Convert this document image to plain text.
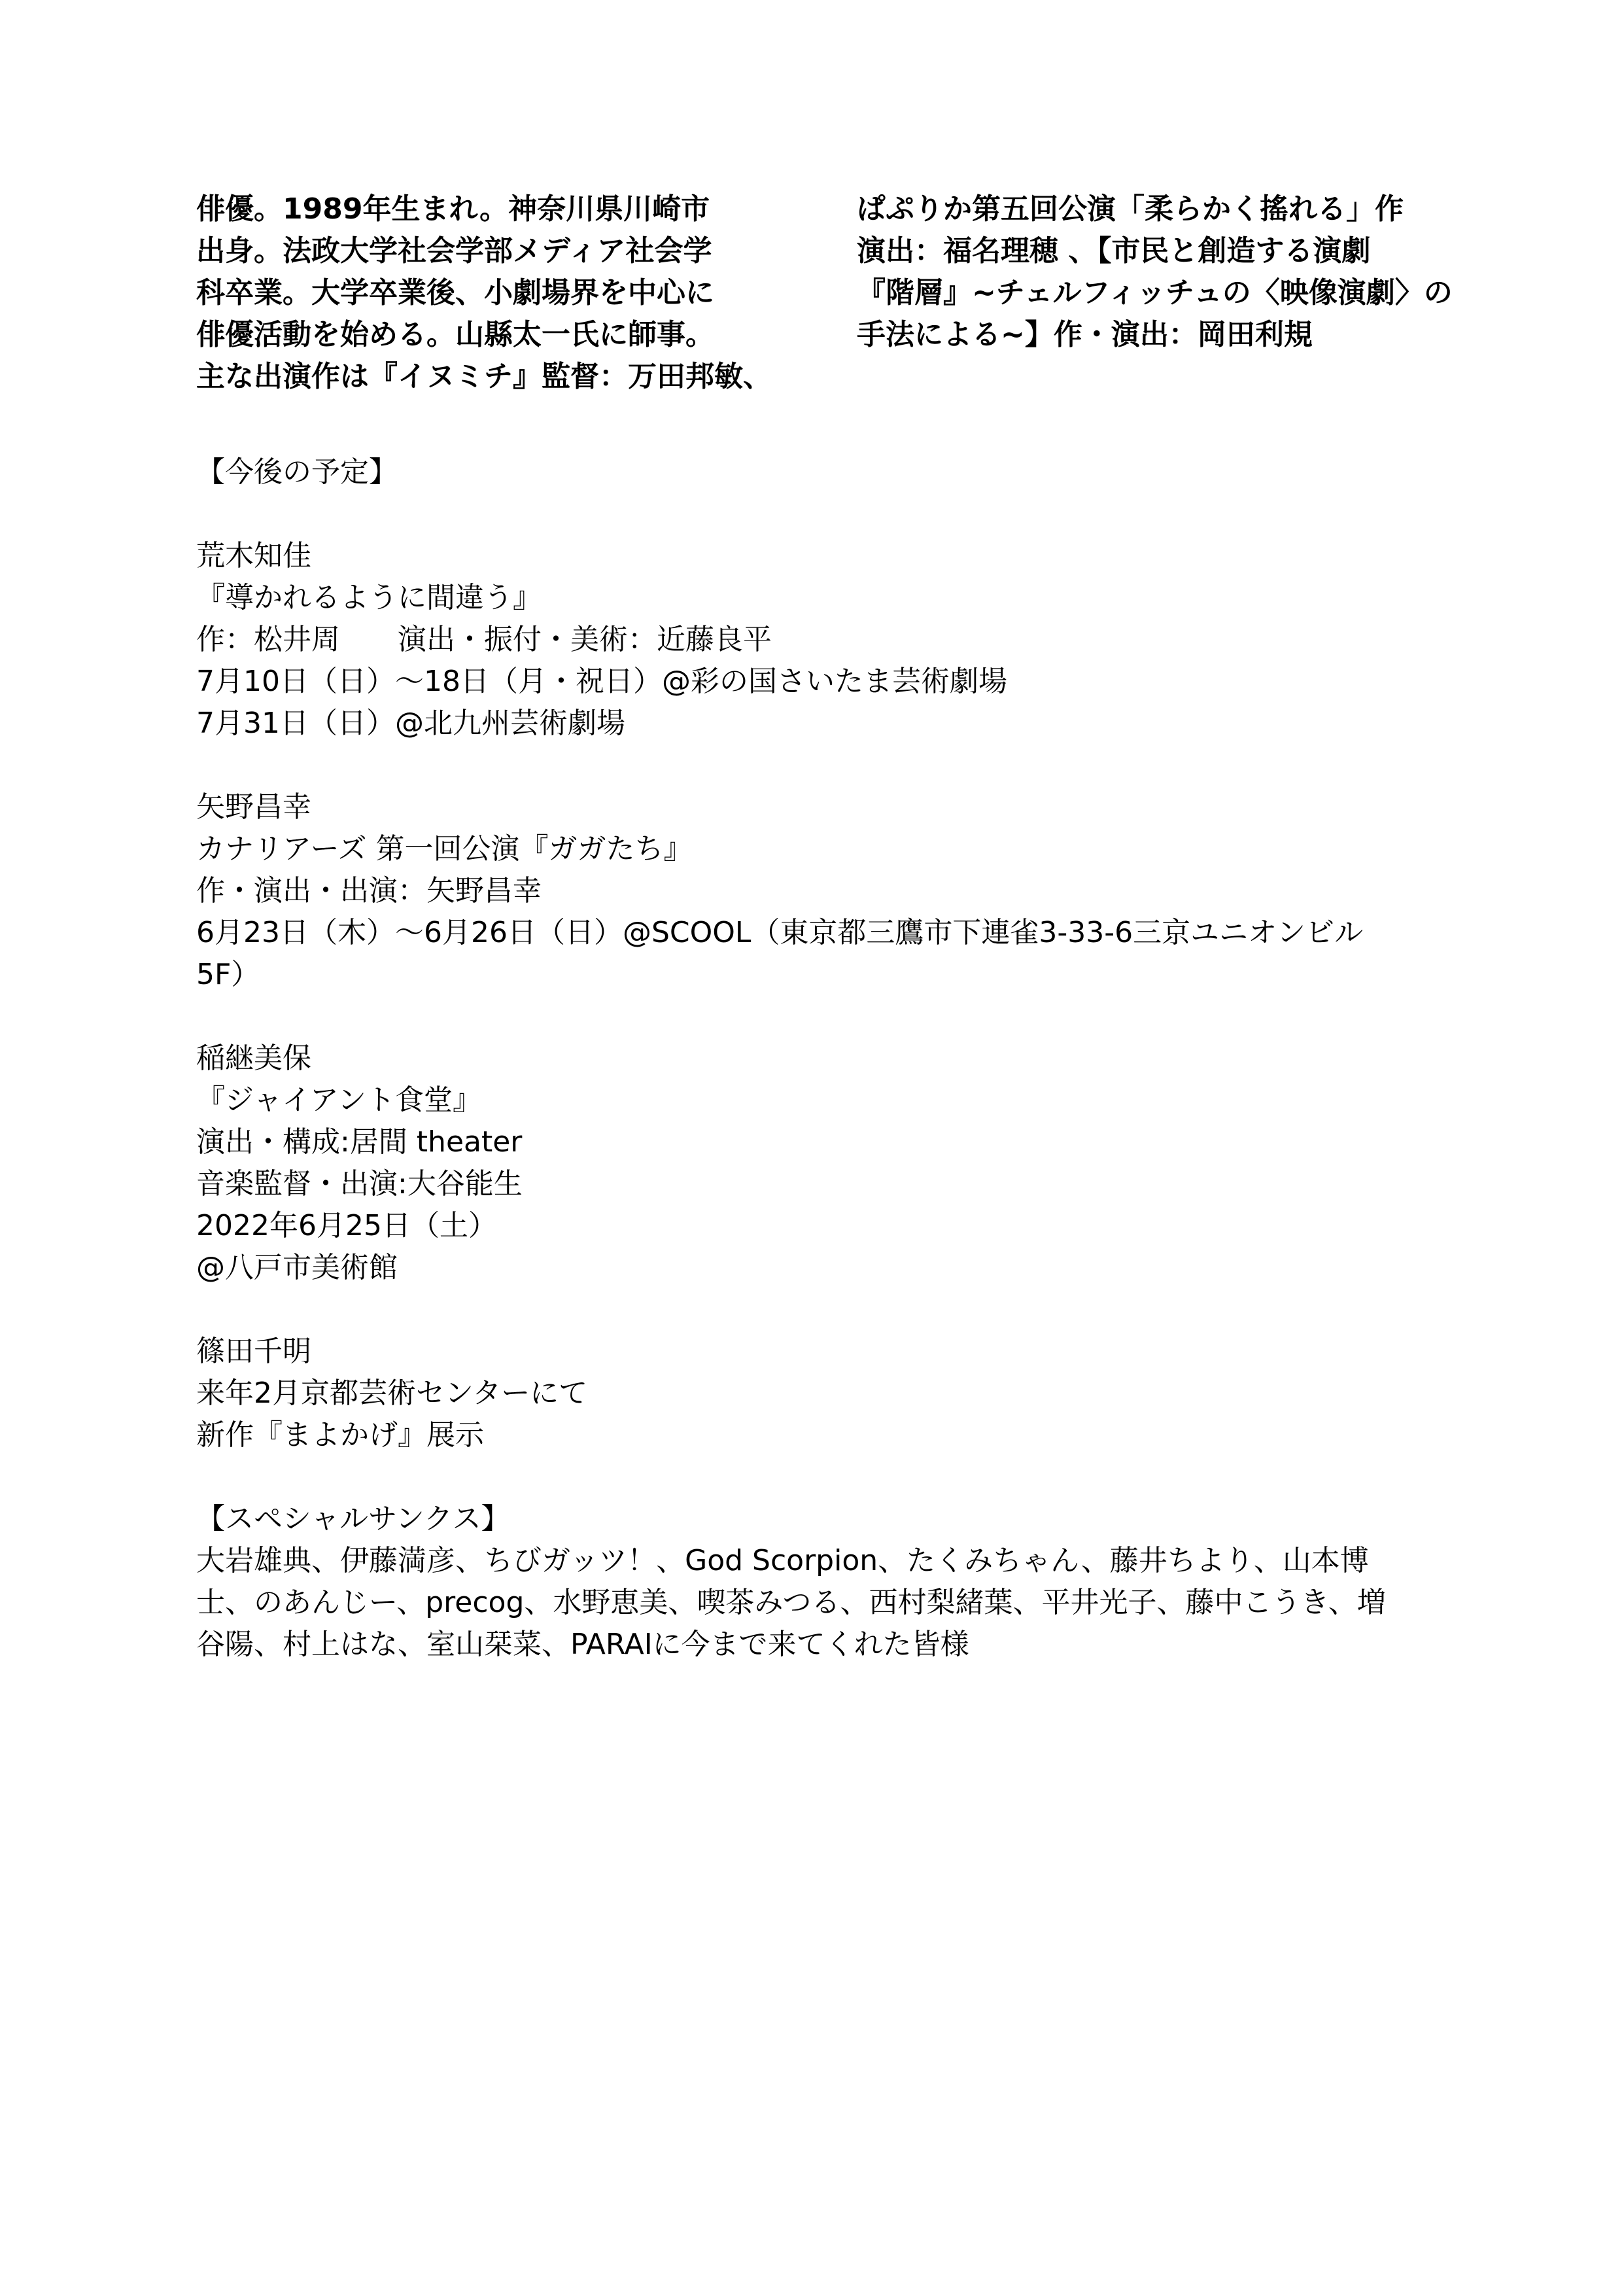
俳優。1989年生まれ。神奈川県川崎市
出身。法政大学社会学部メディア社会学
科卒業。大学卒業後、小劇場界を中心に
俳優活動を始める。山縣太一氏に師事。
主な出演作は『イヌミチ』監督：万田邦敏、
ぱぷりか第五回公演「柔らかく搖れる」作
演出：福名理穂 、【市民と創造する演劇
『階層』~チェルフィッチュの〈映像演劇〉の
手法による~】作・演出：岡田利規
【今後の予定】
荒木知佳
『導かれるように間違う』
作：松井周　　演出・振付・美術：近藤良平
7月10日（日）〜18日（月・祝日）@彩の国さいたま芸術劇場
7月31日（日）@北九州芸術劇場
矢野昌幸
カナリアーズ 第一回公演『ガガたち』
作・演出・出演：矢野昌幸
6月23日（木）〜6月26日（日）@SCOOL（東京都三鷹市下連雀3-33-6三京ユニオンビル
5F）
稲継美保
『ジャイアント食堂』
演出・構成:居間 theater
音楽監督・出演:大谷能生
2022年6月25日（土）
@八戸市美術館
篠田千明
来年2月京都芸術センターにて
新作『まよかげ』展示
【スペシャルサンクス】
大岩雄典、伊藤満彦、ちびガッツ！、God Scorpion、たくみちゃん、藤井ちより、山本博
士、のあんじー、precog、水野恵美、喫茶みつる、西村梨緒葉、平井光子、藤中こうき、増
谷陽、村上はな、室山栞菜、PARAIに今まで来てくれた皆様
